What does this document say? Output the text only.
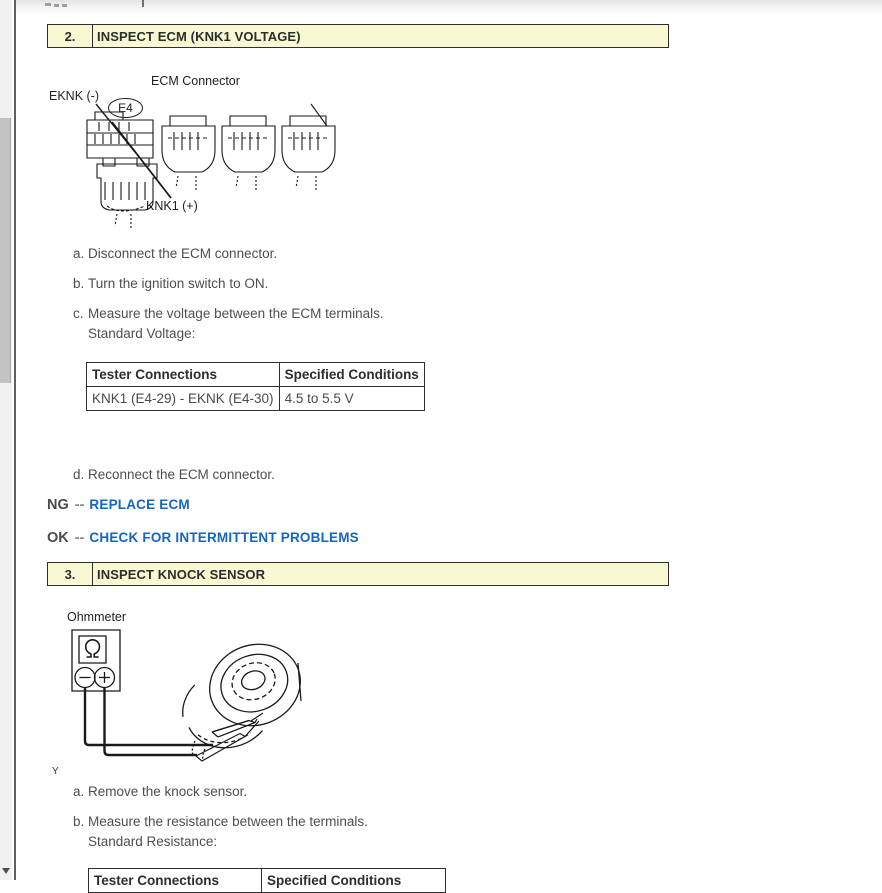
2.	INSPECT ECM (KNK1 VOLTAGE)
ECM Connector
EKNK (-)
E4
KNK1 (+)
a. Disconnect the ECM connector.
b. Turn the ignition switch to ON.
c. Measure the voltage between the ECM terminals.
Standard Voltage:
Tester Connections	Specified Conditions
KNK1 (E4-29) - EKNK (E4-30)	4.5 to 5.5 V
d. Reconnect the ECM connector.
NG -- REPLACE ECM
OK -- CHECK FOR INTERMITTENT PROBLEMS
3.	INSPECT KNOCK SENSOR
Ohmmeter
Y
a. Remove the knock sensor.
b. Measure the resistance between the terminals.
Standard Resistance:
Tester Connections	Specified Conditions
